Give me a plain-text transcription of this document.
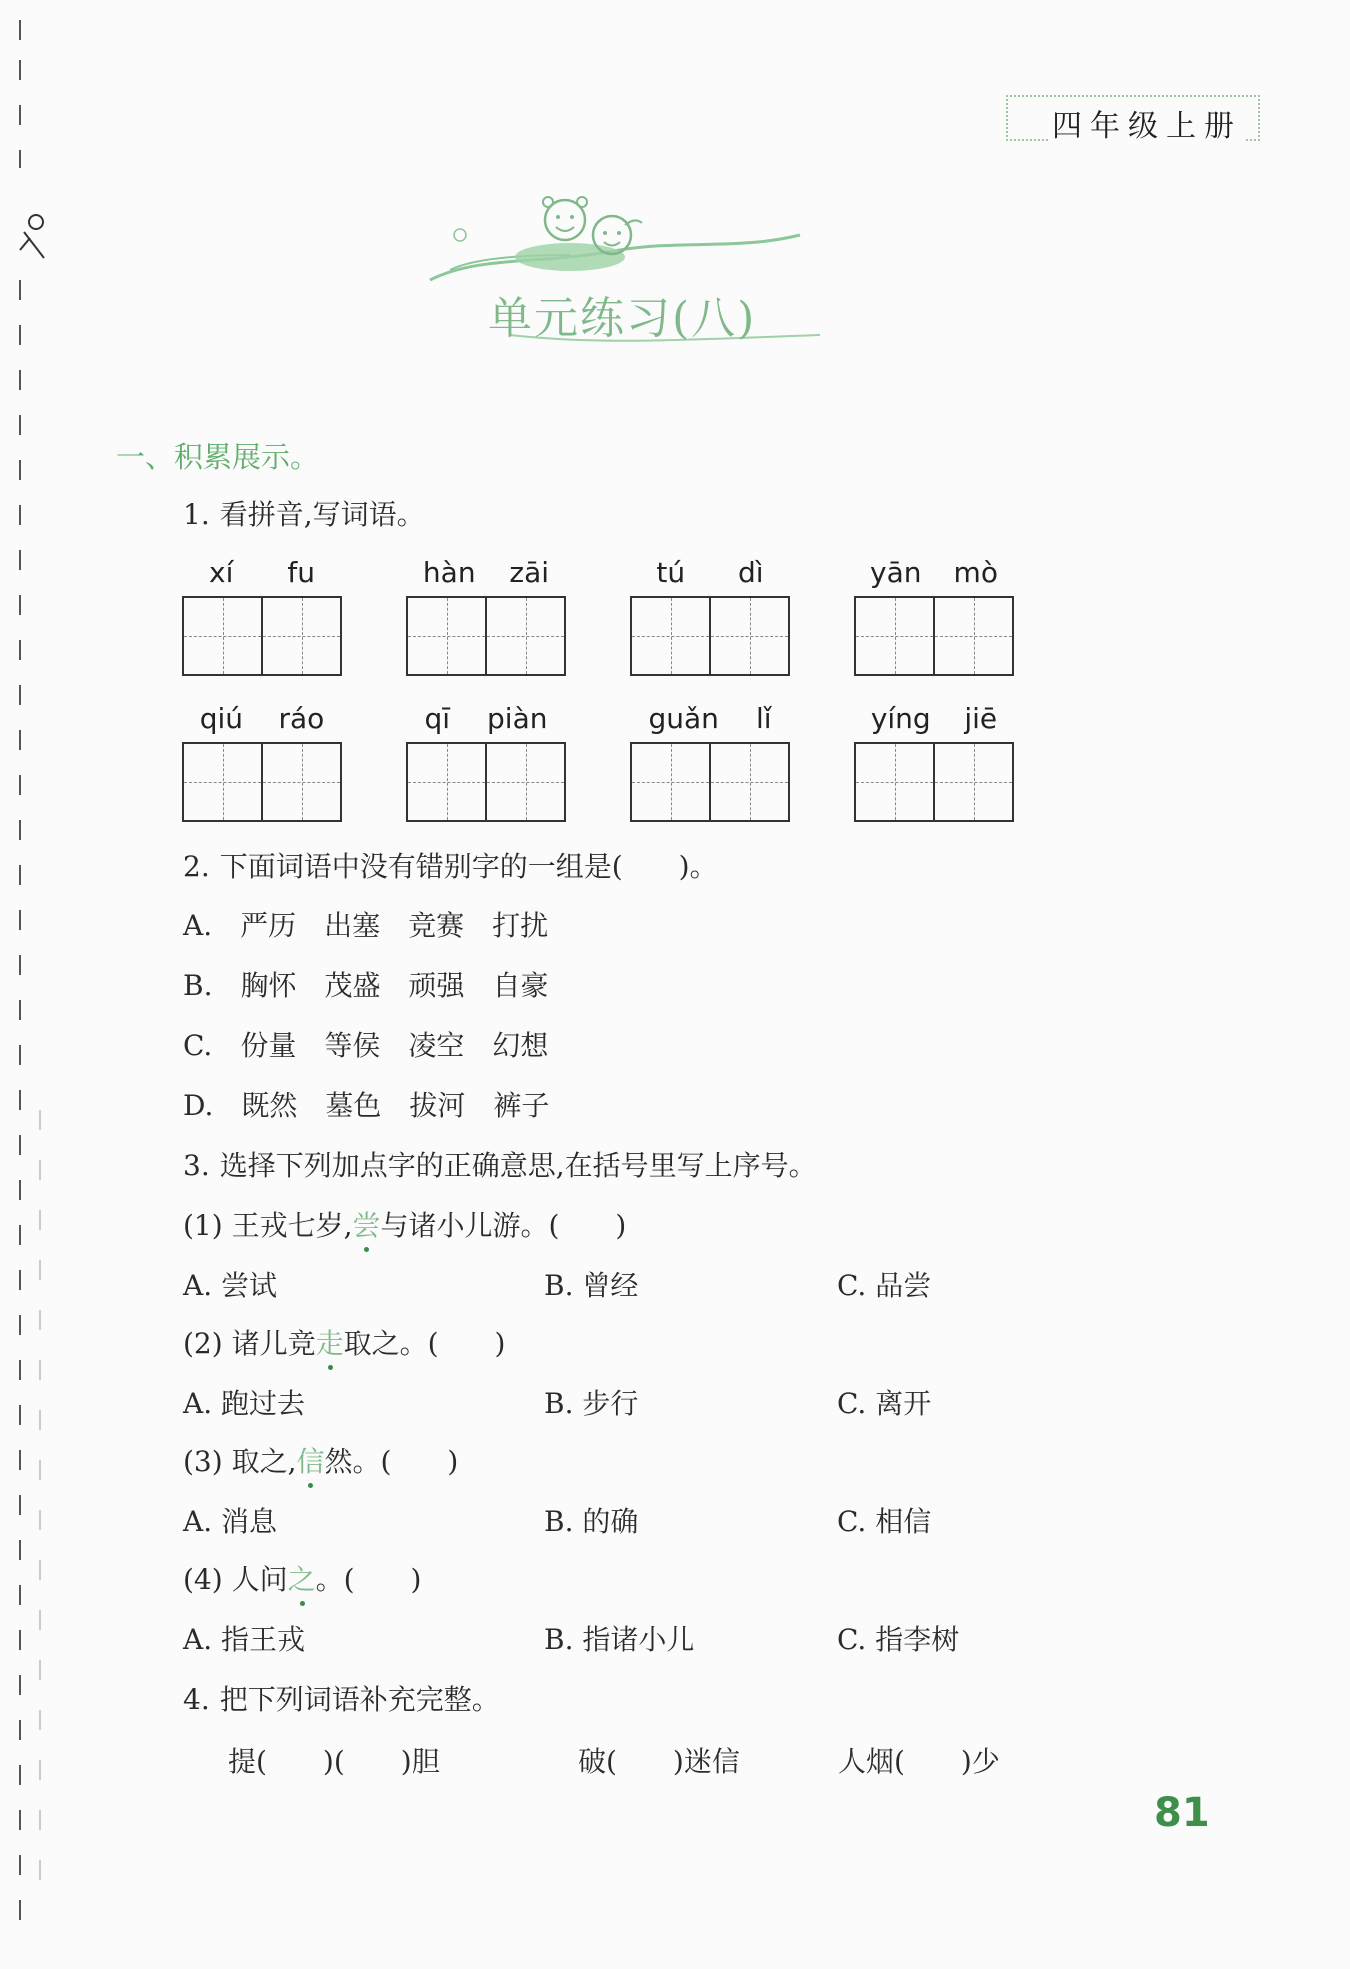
四年级上册
单元练习(八)
一、积累展示。
1. 看拼音,写词语。
xí fu	hàn zāi	tú dì	yān mò
qiú ráo	qī piàn	guǎn lǐ	yíng jiē
2. 下面词语中没有错别字的一组是(　　)。
A. 严历 出塞 竞赛 打扰
B. 胸怀 茂盛 顽强 自豪
C. 份量 等侯 凌空 幻想
D. 既然 墓色 拔河 裤子
3. 选择下列加点字的正确意思,在括号里写上序号。
(1) 王戎七岁,尝
与诸小儿游。(　　)
A. 尝试	B. 曾经	C. 品尝
(2) 诸儿竞走
取之。(　　)
A. 跑过去	B. 步行	C. 离开
(3) 取之,信
然。(　　)
A. 消息	B. 的确	C. 相信
(4) 人问之
。(　　)
A. 指王戎	B. 指诸小儿	C. 指李树
4. 把下列词语补充完整。
提(　　)(　　)胆	破(　　)迷信	人烟(　　)少
81
